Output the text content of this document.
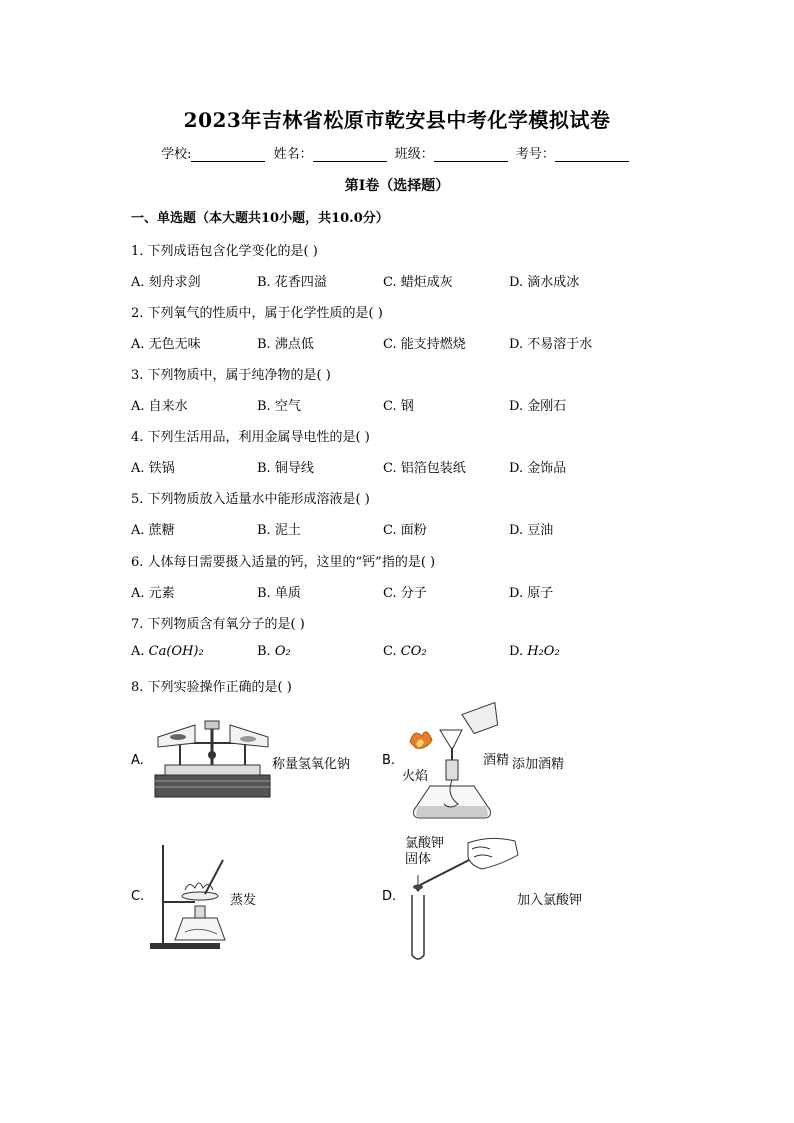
2023年吉林省松原市乾安县中考化学模拟试卷
学校:	姓名：	班级：	考号：
第I卷（选择题）
一、单选题（本大题共10小题，共10.0分）
1. 下列成语包含化学变化的是( )
A. 刻舟求剑	B. 花香四溢	C. 蜡炬成灰	D. 滴水成冰
2. 下列氧气的性质中，属于化学性质的是( )
A. 无色无味	B. 沸点低	C. 能支持燃烧	D. 不易溶于水
3. 下列物质中，属于纯净物的是( )
A. 自来水	B. 空气	C. 钢	D. 金刚石
4. 下列生活用品，利用金属导电性的是( )
A. 铁锅	B. 铜导线	C. 铝箔包装纸	D. 金饰品
5. 下列物质放入适量水中能形成溶液是( )
A. 蔗糖	B. 泥土	C. 面粉	D. 豆油
6. 人体每日需要摄入适量的钙，这里的“钙”指的是( )
A. 元素	B. 单质	C. 分子	D. 原子
7. 下列物质含有氧分子的是( )
A. Ca(OH)₂	B. O₂	C. CO₂	D. H₂O₂
8. 下列实验操作正确的是( )
A.	称量氢氧化钠 B.
火焰
酒精 添加酒精
C.	蒸发	D.
氯酸钾
固体
加入氯酸钾
